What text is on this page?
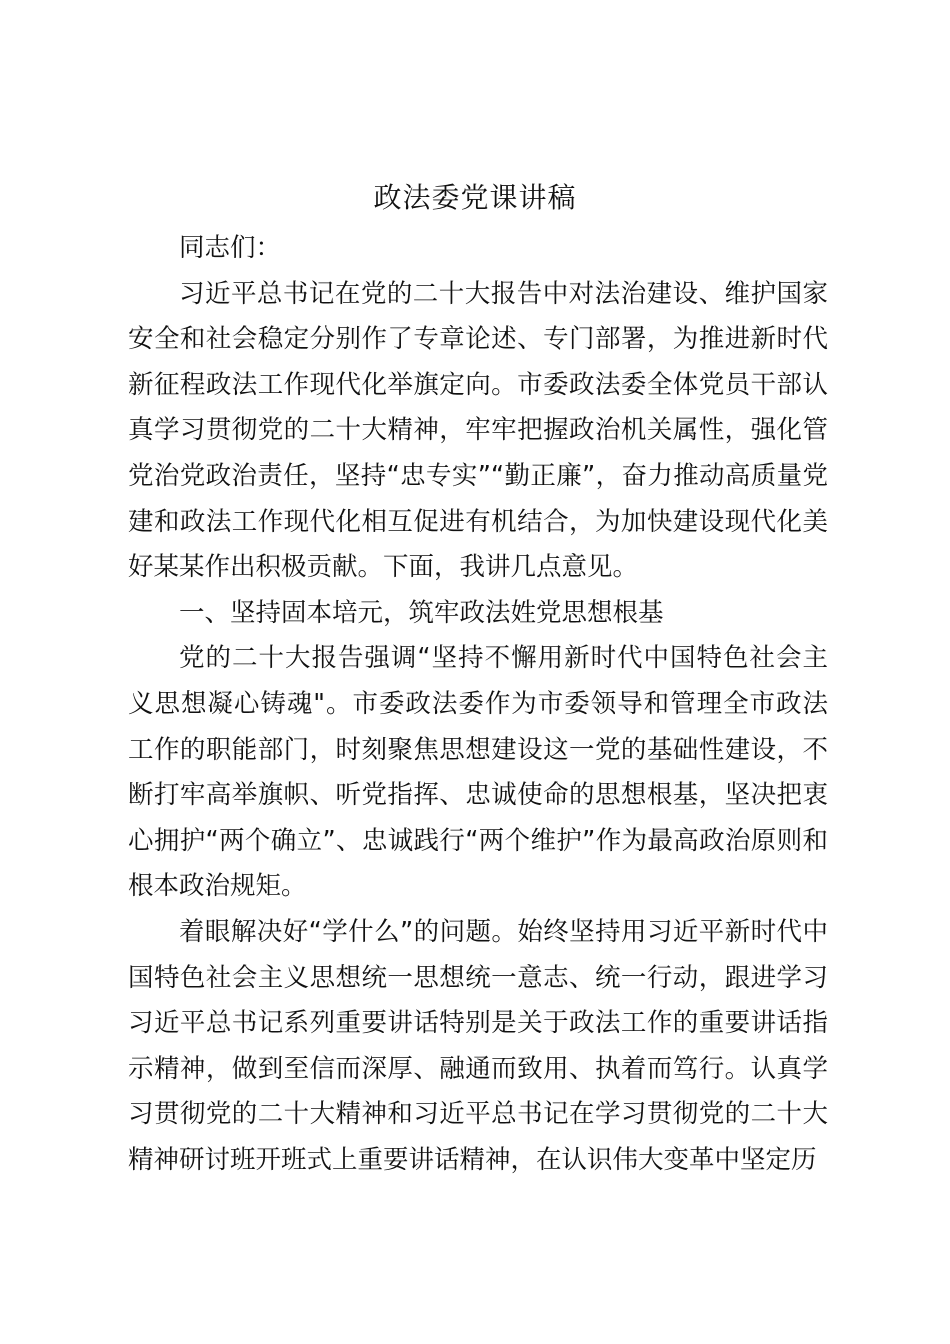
政法委党课讲稿

同志们：

习近平总书记在党的二十大报告中对法治建设、维护国家安全和社会稳定分别作了专章论述、专门部署，为推进新时代新征程政法工作现代化举旗定向。市委政法委全体党员干部认真学习贯彻党的二十大精神，牢牢把握政治机关属性，强化管党治党政治责任，坚持“忠专实”“勤正廉”，奋力推动高质量党建和政法工作现代化相互促进有机结合，为加快建设现代化美好某某作出积极贡献。下面，我讲几点意见。

一、坚持固本培元，筑牢政法姓党思想根基

党的二十大报告强调“坚持不懈用新时代中国特色社会主义思想凝心铸魂"。市委政法委作为市委领导和管理全市政法工作的职能部门，时刻聚焦思想建设这一党的基础性建设，不断打牢高举旗帜、听党指挥、忠诚使命的思想根基，坚决把衷心拥护“两个确立”、忠诚践行“两个维护”作为最高政治原则和根本政治规矩。

着眼解决好“学什么”的问题。始终坚持用习近平新时代中国特色社会主义思想统一思想统一意志、统一行动，跟进学习习近平总书记系列重要讲话特别是关于政法工作的重要讲话指示精神，做到至信而深厚、融通而致用、执着而笃行。认真学习贯彻党的二十大精神和习近平总书记在学习贯彻党的二十大精神研讨班开班式上重要讲话精神，在认识伟大变革中坚定历
